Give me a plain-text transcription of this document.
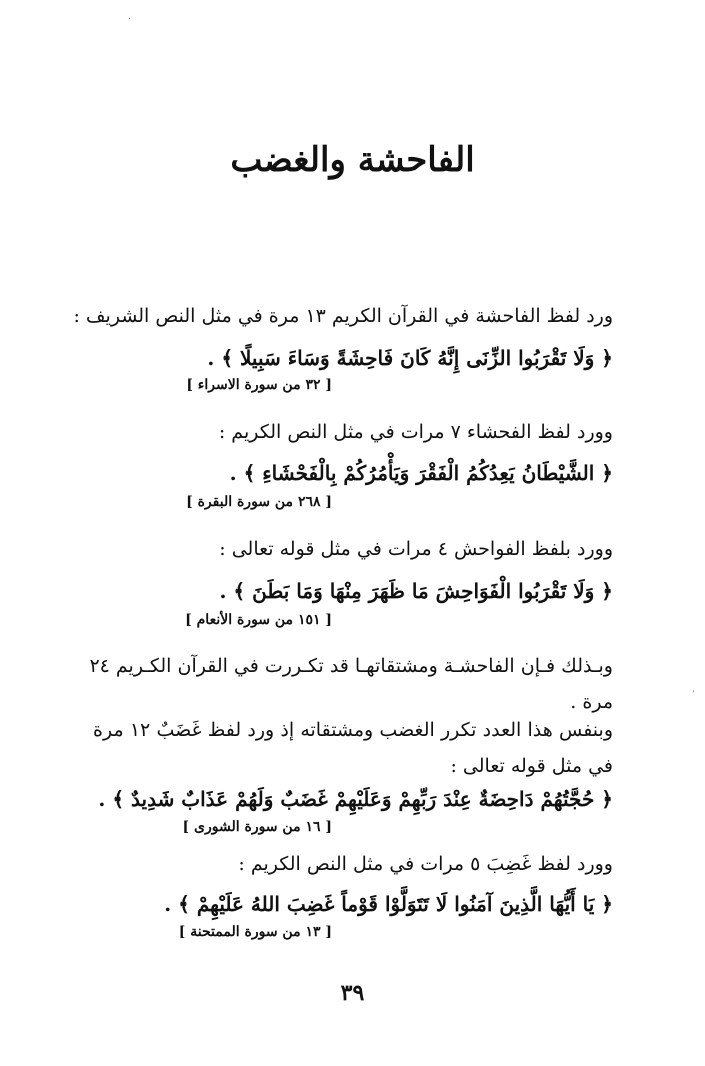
الفاحشة والغضب
ورد لفظ الفاحشة في القرآن الكريم ١٣ مرة في مثل النص الشريف :
﴿ وَلَا تَقْرَبُوا الزِّنَى إِنَّهُ كَانَ فَاحِشَةً وَسَاءَ سَبِيلًا ﴾ .
[ ٣٢ من سورة الاسراء ]
وورد لفظ الفحشاء ٧ مرات في مثل النص الكريم :
﴿ الشَّيْطَانُ يَعِدُكُمُ الْفَقْرَ وَيَأْمُرُكُمْ بِالْفَحْشَاءِ ﴾ .
[ ٢٦٨ من سورة البقرة ]
وورد بلفظ الفواحش ٤ مرات في مثل قوله تعالى :
﴿ وَلَا تَقْرَبُوا الْفَوَاحِشَ مَا ظَهَرَ مِنْهَا وَمَا بَطَنَ ﴾ .
[ ١٥١ من سورة الأنعام ]
وبـذلك فـإن الفاحشـة ومشتقاتهـا قد تكـررت في القرآن الكـريم ٢٤
مرة .
وبنفس هذا العدد تكرر الغضب ومشتقاته إذ ورد لفظ غَضَبٌ ١٢ مرة
في مثل قوله تعالى :
﴿ حُجَّتُهُمْ دَاحِضَةٌ عِنْدَ رَبِّهِمْ وَعَلَيْهِمْ غَضَبٌ وَلَهُمْ عَذَابٌ شَدِيدٌ ﴾ .
[ ١٦ من سورة الشورى ]
وورد لفظ غَضِبَ ٥ مرات في مثل النص الكريم :
﴿ يَا أَيُّهَا الَّذِينَ آمَنُوا لَا تَتَوَلَّوْا قَوْماً غَضِبَ اللهُ عَلَيْهِمْ ﴾ .
[ ١٣ من سورة الممتحنة ]
٣٩
·
ˈ
